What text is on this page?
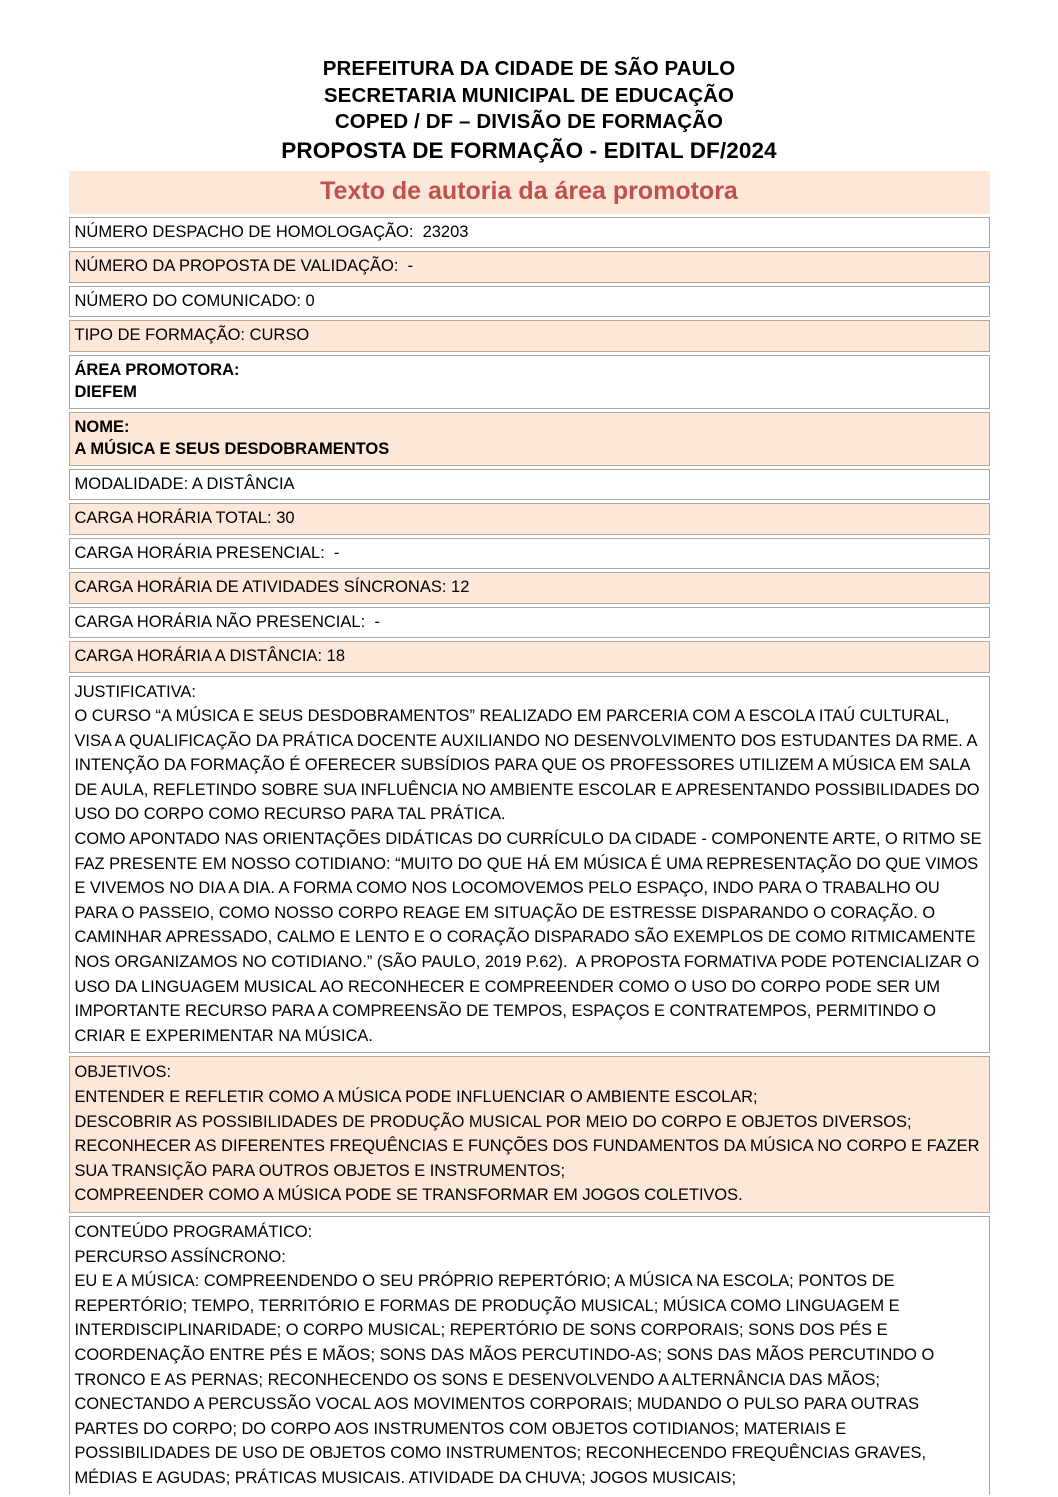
PREFEITURA DA CIDADE DE SÃO PAULO
SECRETARIA MUNICIPAL DE EDUCAÇÃO
COPED / DF – DIVISÃO DE FORMAÇÃO
PROPOSTA DE FORMAÇÃO - EDITAL DF/2024
Texto de autoria da área promotora
NÚMERO DESPACHO DE HOMOLOGAÇÃO:  23203
NÚMERO DA PROPOSTA DE VALIDAÇÃO:  -
NÚMERO DO COMUNICADO: 0
TIPO DE FORMAÇÃO: CURSO
ÁREA PROMOTORA:
DIEFEM
NOME:
A MÚSICA E SEUS DESDOBRAMENTOS
MODALIDADE: A DISTÂNCIA
CARGA HORÁRIA TOTAL: 30
CARGA HORÁRIA PRESENCIAL:  -
CARGA HORÁRIA DE ATIVIDADES SÍNCRONAS: 12
CARGA HORÁRIA NÃO PRESENCIAL:  -
CARGA HORÁRIA A DISTÂNCIA: 18
JUSTIFICATIVA:
O CURSO “A MÚSICA E SEUS DESDOBRAMENTOS” REALIZADO EM PARCERIA COM A ESCOLA ITAÚ CULTURAL, VISA A QUALIFICAÇÃO DA PRÁTICA DOCENTE AUXILIANDO NO DESENVOLVIMENTO DOS ESTUDANTES DA RME. A INTENÇÃO DA FORMAÇÃO É OFERECER SUBSÍDIOS PARA QUE OS PROFESSORES UTILIZEM A MÚSICA EM SALA DE AULA, REFLETINDO SOBRE SUA INFLUÊNCIA NO AMBIENTE ESCOLAR E APRESENTANDO POSSIBILIDADES DO USO DO CORPO COMO RECURSO PARA TAL PRÁTICA.
COMO APONTADO NAS ORIENTAÇÕES DIDÁTICAS DO CURRÍCULO DA CIDADE - COMPONENTE ARTE, O RITMO SE FAZ PRESENTE EM NOSSO COTIDIANO: “MUITO DO QUE HÁ EM MÚSICA É UMA REPRESENTAÇÃO DO QUE VIMOS E VIVEMOS NO DIA A DIA. A FORMA COMO NOS LOCOMOVEMOS PELO ESPAÇO, INDO PARA O TRABALHO OU PARA O PASSEIO, COMO NOSSO CORPO REAGE EM SITUAÇÃO DE ESTRESSE DISPARANDO O CORAÇÃO. O CAMINHAR APRESSADO, CALMO E LENTO E O CORAÇÃO DISPARADO SÃO EXEMPLOS DE COMO RITMICAMENTE NOS ORGANIZAMOS NO COTIDIANO.” (SÃO PAULO, 2019 P.62).  A PROPOSTA FORMATIVA PODE POTENCIALIZAR O USO DA LINGUAGEM MUSICAL AO RECONHECER E COMPREENDER COMO O USO DO CORPO PODE SER UM IMPORTANTE RECURSO PARA A COMPREENSÃO DE TEMPOS, ESPAÇOS E CONTRATEMPOS, PERMITINDO O CRIAR E EXPERIMENTAR NA MÚSICA.
OBJETIVOS:
ENTENDER E REFLETIR COMO A MÚSICA PODE INFLUENCIAR O AMBIENTE ESCOLAR;
DESCOBRIR AS POSSIBILIDADES DE PRODUÇÃO MUSICAL POR MEIO DO CORPO E OBJETOS DIVERSOS;
RECONHECER AS DIFERENTES FREQUÊNCIAS E FUNÇÕES DOS FUNDAMENTOS DA MÚSICA NO CORPO E FAZER SUA TRANSIÇÃO PARA OUTROS OBJETOS E INSTRUMENTOS;
COMPREENDER COMO A MÚSICA PODE SE TRANSFORMAR EM JOGOS COLETIVOS.
CONTEÚDO PROGRAMÁTICO:
PERCURSO ASSÍNCRONO:
EU E A MÚSICA: COMPREENDENDO O SEU PRÓPRIO REPERTÓRIO; A MÚSICA NA ESCOLA; PONTOS DE REPERTÓRIO; TEMPO, TERRITÓRIO E FORMAS DE PRODUÇÃO MUSICAL; MÚSICA COMO LINGUAGEM E INTERDISCIPLINARIDADE; O CORPO MUSICAL; REPERTÓRIO DE SONS CORPORAIS; SONS DOS PÉS E COORDENAÇÃO ENTRE PÉS E MÃOS; SONS DAS MÃOS PERCUTINDO-AS; SONS DAS MÃOS PERCUTINDO O TRONCO E AS PERNAS; RECONHECENDO OS SONS E DESENVOLVENDO A ALTERNÂNCIA DAS MÃOS; CONECTANDO A PERCUSSÃO VOCAL AOS MOVIMENTOS CORPORAIS; MUDANDO O PULSO PARA OUTRAS PARTES DO CORPO; DO CORPO AOS INSTRUMENTOS COM OBJETOS COTIDIANOS; MATERIAIS E POSSIBILIDADES DE USO DE OBJETOS COMO INSTRUMENTOS; RECONHECENDO FREQUÊNCIAS GRAVES, MÉDIAS E AGUDAS; PRÁTICAS MUSICAIS. ATIVIDADE DA CHUVA; JOGOS MUSICAIS;
